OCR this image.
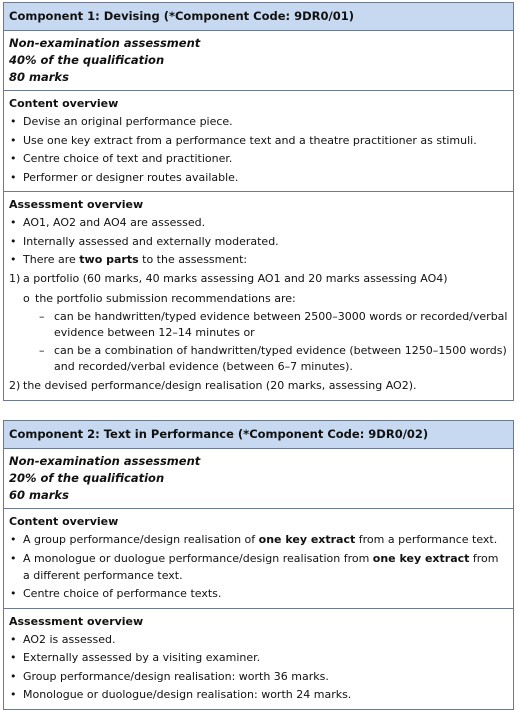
Component 1: Devising (*Component Code: 9DR0/01)
Non-examination assessment
40% of the qualification
80 marks
Content overview
• Devise an original performance piece.
• Use one key extract from a performance text and a theatre practitioner as stimuli.
• Centre choice of text and practitioner.
• Performer or designer routes available.
Assessment overview
• AO1, AO2 and AO4 are assessed.
• Internally assessed and externally moderated.
• There are two parts to the assessment:
1) a portfolio (60 marks, 40 marks assessing AO1 and 20 marks assessing AO4)
o the portfolio submission recommendations are:
– can be handwritten/typed evidence between 2500–3000 words or recorded/verbal evidence between 12–14 minutes or
– can be a combination of handwritten/typed evidence (between 1250–1500 words) and recorded/verbal evidence (between 6–7 minutes).
2) the devised performance/design realisation (20 marks, assessing AO2).
Component 2: Text in Performance (*Component Code: 9DR0/02)
Non-examination assessment
20% of the qualification
60 marks
Content overview
• A group performance/design realisation of one key extract from a performance text.
• A monologue or duologue performance/design realisation from one key extract from a different performance text.
• Centre choice of performance texts.
Assessment overview
• AO2 is assessed.
• Externally assessed by a visiting examiner.
• Group performance/design realisation: worth 36 marks.
• Monologue or duologue/design realisation: worth 24 marks.
